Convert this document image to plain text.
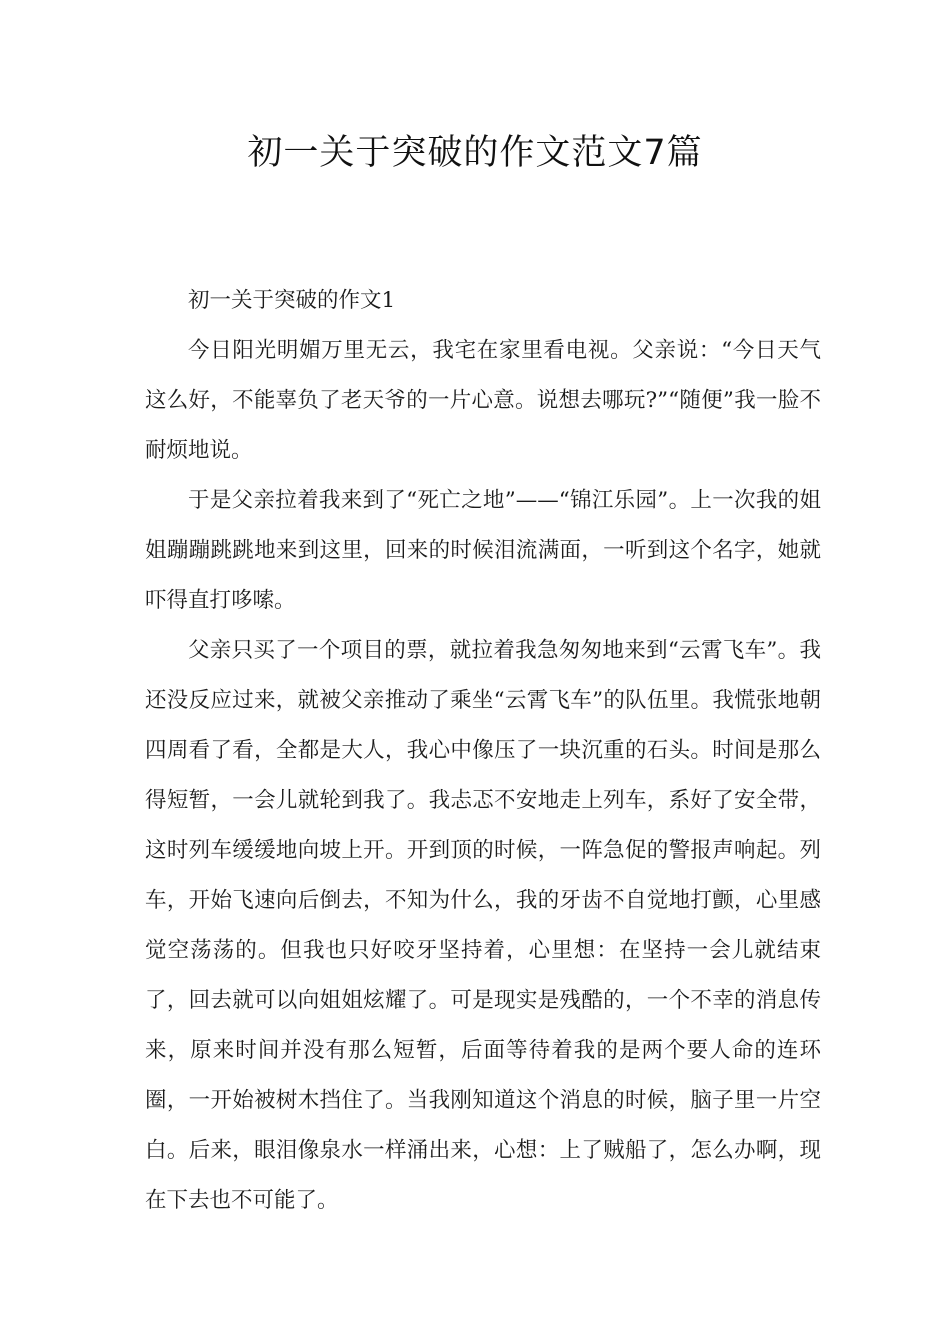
初一关于突破的作文范文7篇
初一关于突破的作文1

今日阳光明媚万里无云，我宅在家里看电视。父亲说：“今日天气这么好，不能辜负了老天爷的一片心意。说想去哪玩?”“随便”我一脸不耐烦地说。

于是父亲拉着我来到了“死亡之地”——“锦江乐园”。上一次我的姐姐蹦蹦跳跳地来到这里，回来的时候泪流满面，一听到这个名字，她就吓得直打哆嗦。

父亲只买了一个项目的票，就拉着我急匆匆地来到“云霄飞车”。我还没反应过来，就被父亲推动了乘坐“云霄飞车”的队伍里。我慌张地朝四周看了看，全都是大人，我心中像压了一块沉重的石头。时间是那么得短暂，一会儿就轮到我了。我忐忑不安地走上列车，系好了安全带，这时列车缓缓地向坡上开。开到顶的时候，一阵急促的警报声响起。列车，开始飞速向后倒去，不知为什么，我的牙齿不自觉地打颤，心里感觉空荡荡的。但我也只好咬牙坚持着，心里想：在坚持一会儿就结束了，回去就可以向姐姐炫耀了。可是现实是残酷的，一个不幸的消息传来，原来时间并没有那么短暂，后面等待着我的是两个要人命的连环圈，一开始被树木挡住了。当我刚知道这个消息的时候，脑子里一片空白。后来，眼泪像泉水一样涌出来，心想：上了贼船了，怎么办啊，现在下去也不可能了。
